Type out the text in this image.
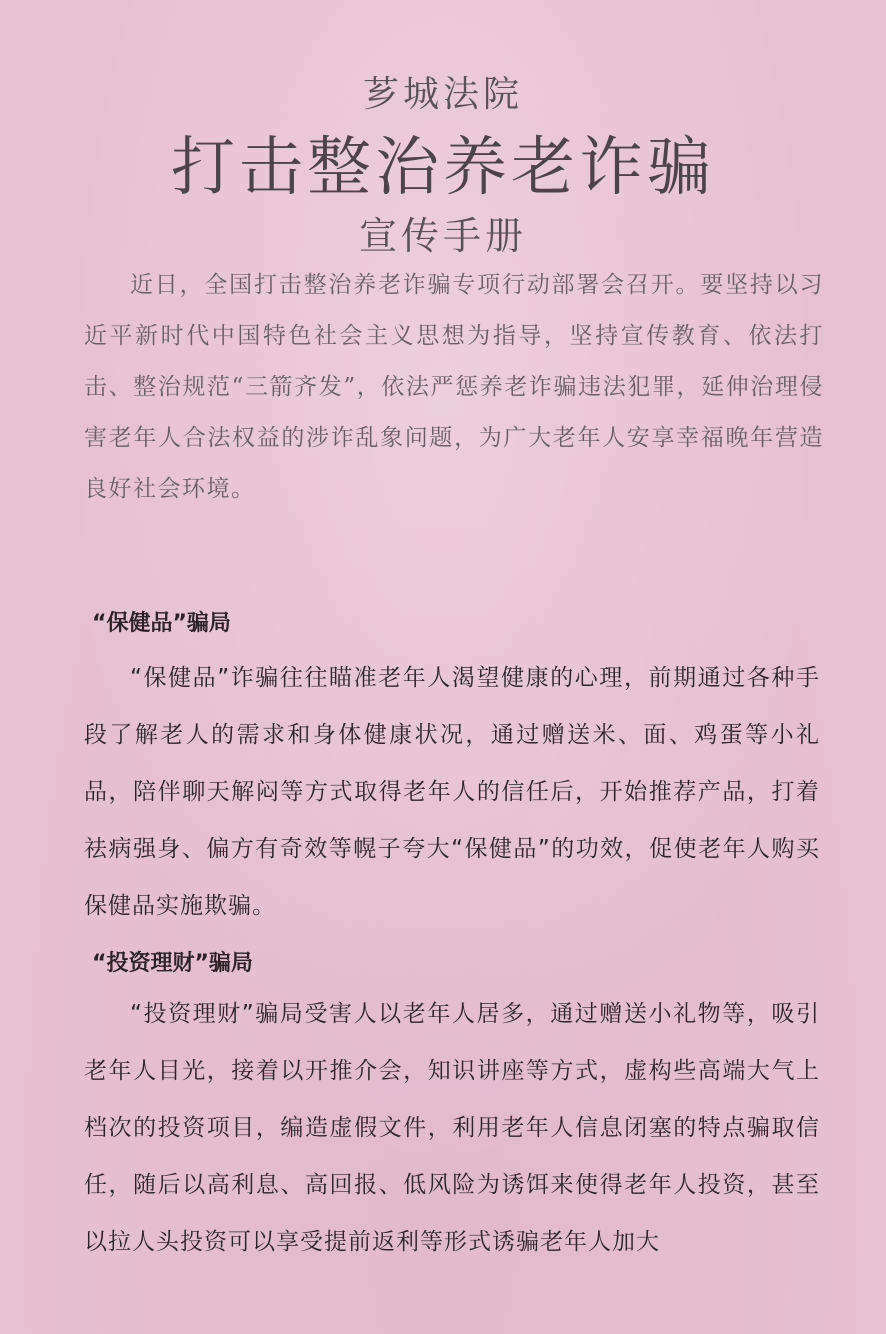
芗城法院
打击整治养老诈骗
宣传手册
近日，全国打击整治养老诈骗专项行动部署会召开。要坚持以习近平新时代中国特色社会主义思想为指导，坚持宣传教育、依法打击、整治规范“三箭齐发”，依法严惩养老诈骗违法犯罪，延伸治理侵害老年人合法权益的涉诈乱象问题，为广大老年人安享幸福晚年营造良好社会环境。
“保健品”骗局
“保健品”诈骗往往瞄准老年人渴望健康的心理，前期通过各种手段了解老人的需求和身体健康状况，通过赠送米、面、鸡蛋等小礼品，陪伴聊天解闷等方式取得老年人的信任后，开始推荐产品，打着祛病强身、偏方有奇效等幌子夸大“保健品”的功效，促使老年人购买保健品实施欺骗。
“投资理财”骗局
“投资理财”骗局受害人以老年人居多，通过赠送小礼物等，吸引老年人目光，接着以开推介会，知识讲座等方式，虚构些高端大气上档次的投资项目，编造虚假文件，利用老年人信息闭塞的特点骗取信任，随后以高利息、高回报、低风险为诱饵来使得老年人投资，甚至以拉人头投资可以享受提前返利等形式诱骗老年人加大
